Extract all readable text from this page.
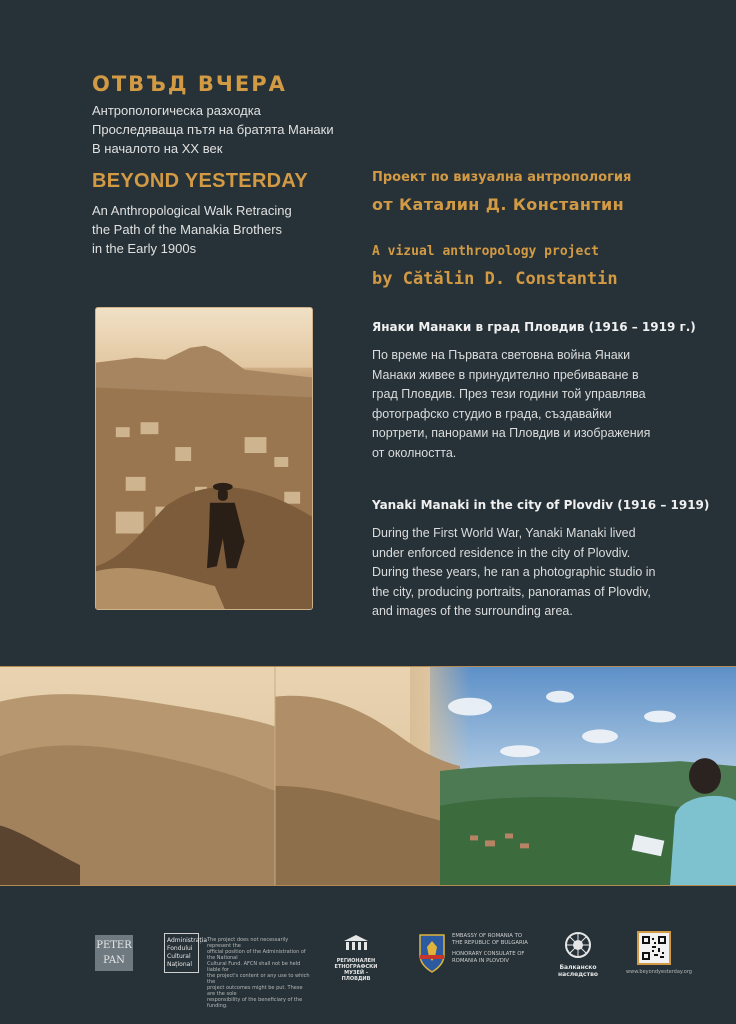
ОТВЪД ВЧЕРА
Антропологическа разходка
Проследяваща пътя на братята Манаки
В началото на XX век
BEYOND YESTERDAY
An Anthropological Walk Retracing
the Path of the Manakia Brothers
in the Early 1900s
Проект по визуална антропология
от Каталин Д. Константин
A vizual anthropology project
by Cătălin D. Constantin
Янаки Манаки в град Пловдив (1916 – 1919 г.)
По време на Първата световна война Янаки
Манаки живее в принудително пребиваване в
град Пловдив. През тези години той управлява
фотографско студио в града, създавайки
портрети, панорами на Пловдив и изображения
от околността.
Yanaki Manaki in the city of Plovdiv (1916 – 1919)
During the First World War, Yanaki Manaki lived
under enforced residence in the city of Plovdiv.
During these years, he ran a photographic studio in
the city, producing portraits, panoramas of Plovdiv,
and images of the surrounding area.
PETER
PAN
Administrația
Fondului
Cultural
Național
The project does not necessarily represent the
official position of the Administration of the National
Cultural Fund. AFCN shall not be held liable for
the project's content or any use to which the
project outcomes might be put. These are the sole
responsibility of the beneficiary of the funding.
РЕГИОНАЛЕН
ЕТНОГРАФСКИ
МУЗЕЙ - ПЛОВДИВ
EMBASSY OF ROMANIA TO
THE REPUBLIC OF BULGARIA
HONORARY CONSULATE OF
ROMANIA IN PLOVDIV
Балканско
наследство	www.beyondyesterday.org
